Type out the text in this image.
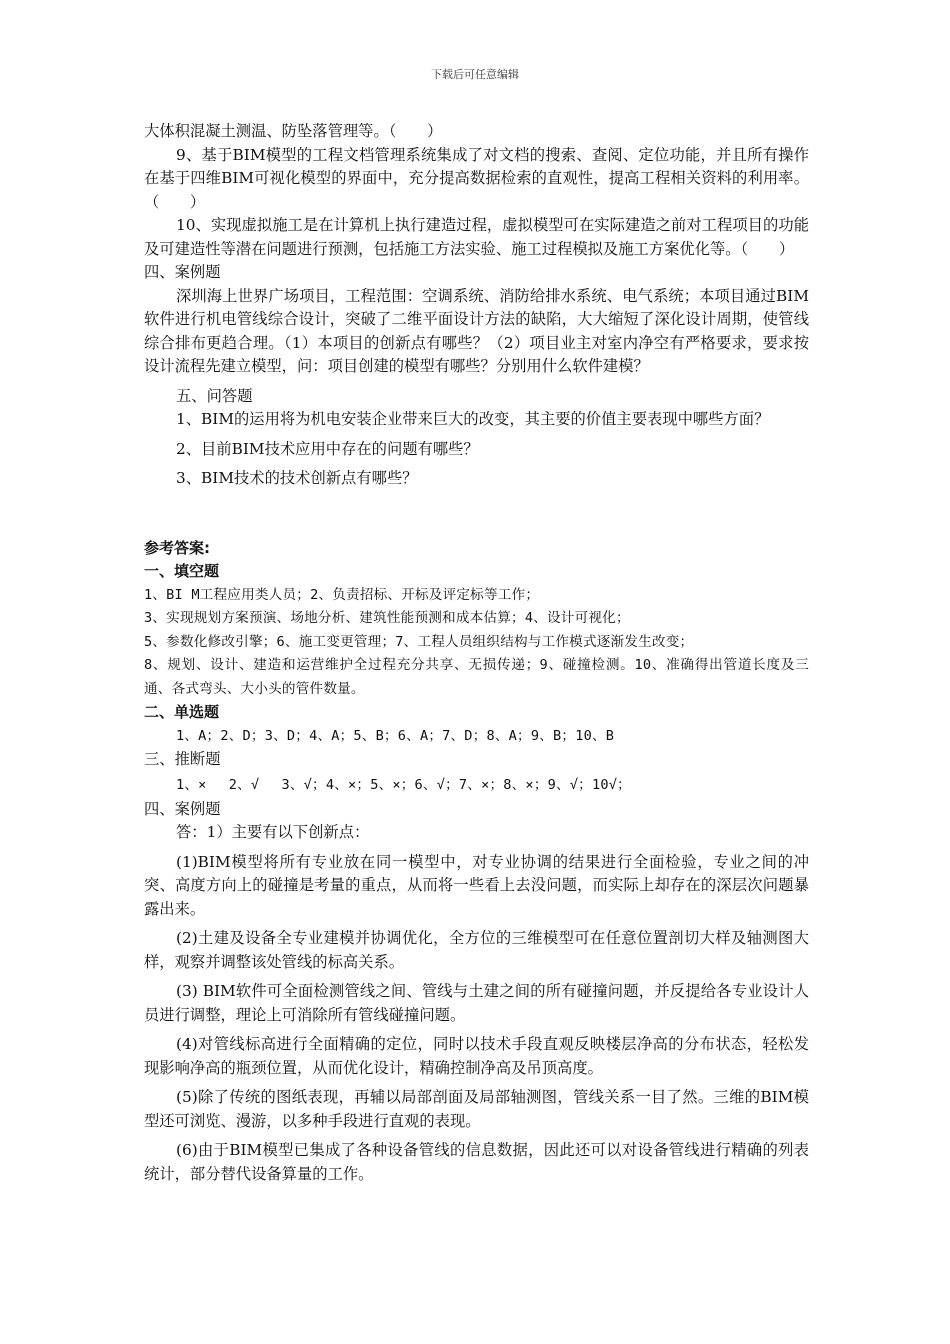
下载后可任意编辑

大体积混凝土测温、防坠落管理等。（　　）

9、基于BIM模型的工程文档管理系统集成了对文档的搜索、查阅、定位功能，并且所有操作在基于四维BIM可视化模型的界面中，充分提高数据检索的直观性，提高工程相关资料的利用率。（　　）

10、实现虚拟施工是在计算机上执行建造过程，虚拟模型可在实际建造之前对工程项目的功能及可建造性等潜在问题进行预测，包括施工方法实验、施工过程模拟及施工方案优化等。（　　）

四、案例题

深圳海上世界广场项目，工程范围：空调系统、消防给排水系统、电气系统；本项目通过BIM软件进行机电管线综合设计，突破了二维平面设计方法的缺陷，大大缩短了深化设计周期，使管线综合排布更趋合理。（1）本项目的创新点有哪些？（2）项目业主对室内净空有严格要求，要求按设计流程先建立模型，问：项目创建的模型有哪些？分别用什么软件建模？

五、问答题

1、BIM的运用将为机电安装企业带来巨大的改变，其主要的价值主要表现中哪些方面？

2、目前BIM技术应用中存在的问题有哪些？

3、BIM技术的技术创新点有哪些？

参考答案:

一、填空题

1、BI M工程应用类人员；2、负责招标、开标及评定标等工作；

3、实现规划方案预演、场地分析、建筑性能预测和成本估算；4、设计可视化；

5、参数化修改引擎；6、施工变更管理；7、工程人员组织结构与工作模式逐渐发生改变；

8、规划、设计、建造和运营维护全过程充分共享、无损传递；9、碰撞检测。10、准确得出管道长度及三通、各式弯头、大小头的管件数量。

二、单选题

1、A；2、D；3、D；4、A；5、B；6、A；7、D；8、A；9、B；10、B

三、推断题

1、×　 2、√　 3、√；4、×；5、×；6、√；7、×；8、×；9、√；10√；

四、案例题

答：1）主要有以下创新点：

(1)BIM模型将所有专业放在同一模型中，对专业协调的结果进行全面检验，专业之间的冲突、高度方向上的碰撞是考量的重点，从而将一些看上去没问题，而实际上却存在的深层次问题暴露出来。

(2)土建及设备全专业建模并协调优化，全方位的三维模型可在任意位置剖切大样及轴测图大样，观察并调整该处管线的标高关系。

(3) BIM软件可全面检测管线之间、管线与土建之间的所有碰撞问题，并反提给各专业设计人员进行调整，理论上可消除所有管线碰撞问题。

(4)对管线标高进行全面精确的定位，同时以技术手段直观反映楼层净高的分布状态，轻松发现影响净高的瓶颈位置，从而优化设计，精确控制净高及吊顶高度。

(5)除了传统的图纸表现，再辅以局部剖面及局部轴测图，管线关系一目了然。三维的BIM模型还可浏览、漫游，以多种手段进行直观的表现。

(6)由于BIM模型已集成了各种设备管线的信息数据，因此还可以对设备管线进行精确的列表统计，部分替代设备算量的工作。
